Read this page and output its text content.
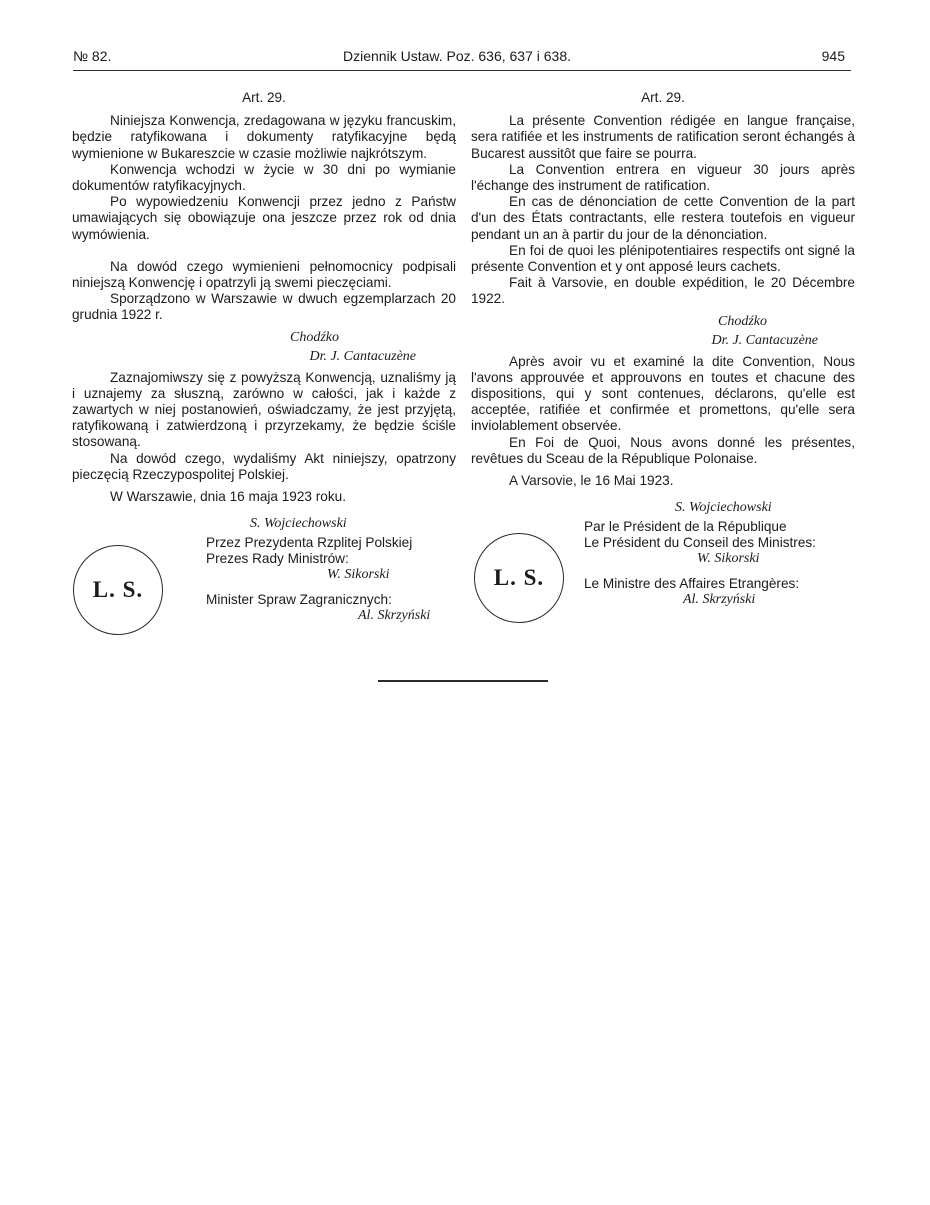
№ 82.	Dziennik Ustaw. Poz. 636, 637 i 638.	945
Art. 29.

Niniejsza Konwencja, zredagowana w języku francuskim, będzie ratyfikowana i dokumenty ratyfikacyjne będą wymienione w Bukareszcie w czasie możliwie najkrótszym.

Konwencja wchodzi w życie w 30 dni po wymianie dokumentów ratyfikacyjnych.

Po wypowiedzeniu Konwencji przez jedno z Państw umawiających się obowiązuje ona jeszcze przez rok od dnia wymówienia.

Na dowód czego wymienieni pełnomocnicy podpisali niniejszą Konwencję i opatrzyli ją swemi pieczęciami.

Sporządzono w Warszawie w dwuch egzemplarzach 20 grudnia 1922 r.

Chodźko
Dr. J. Cantacuzène

Zaznajomiwszy się z powyższą Konwencją, uznaliśmy ją i uznajemy za słuszną, zarówno w całości, jak i każde z zawartych w niej postanowień, oświadczamy, że jest przyjętą, ratyfikowaną i zatwierdzoną i przyrzekamy, że będzie ściśle stosowaną.

Na dowód czego, wydaliśmy Akt niniejszy, opatrzony pieczęcią Rzeczypospolitej Polskiej.

W Warszawie, dnia 16 maja 1923 roku.
S. Wojciechowski
L. S.
Przez Prezydenta Rzplitej Polskiej
Prezes Rady Ministrów:
W. Sikorski
Minister Spraw Zagranicznych:
Al. Skrzyński
Art. 29.

La présente Convention rédigée en langue française, sera ratifiée et les instruments de ratification seront échangés à Bucarest aussitôt que faire se pourra.

La Convention entrera en vigueur 30 jours après l'échange des instrument de ratification.

En cas de dénonciation de cette Convention de la part d'un des États contractants, elle restera toutefois en vigueur pendant un an à partir du jour de la dénonciation.

En foi de quoi les plénipotentiaires respectifs ont signé la présente Convention et y ont apposé leurs cachets.

Fait à Varsovie, en double expédition, le 20 Décembre 1922.

Chodźko
Dr. J. Cantacuzène

Après avoir vu et examiné la dite Convention, Nous l'avons approuvée et approuvons en toutes et chacune des dispositions, qui y sont contenues, déclarons, qu'elle est acceptée, ratifiée et confirmée et promettons, qu'elle sera inviolablement observée.

En Foi de Quoi, Nous avons donné les présentes, revêtues du Sceau de la République Polonaise.

A Varsovie, le 16 Mai 1923.
S. Wojciechowski
L. S.
Par le Président de la République
Le Président du Conseil des Ministres:
W. Sikorski
Le Ministre des Affaires Etrangères:
Al. Skrzyński
